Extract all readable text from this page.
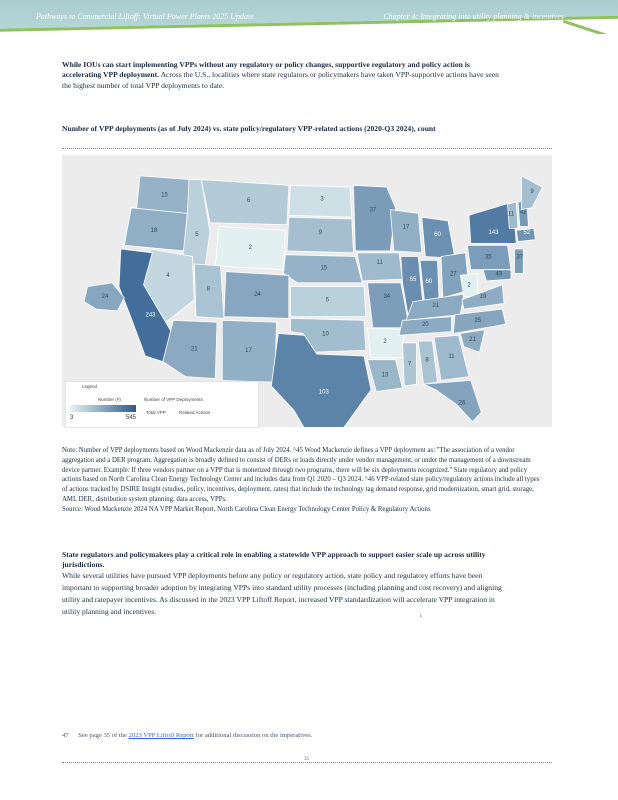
Pathways to Commercial Liftoff: Virtual Power Plants 2025 Update	Chapter 4: Integrating into utility planning & incentives
While IOUs can start implementing VPPs without any regulatory or policy changes, supportive regulatory and policy action is accelerating VPP deployment. Across the U.S., localities where state regulators or policymakers have taken VPP-supportive actions have seen the highest number of total VPP deployments to date.
Number of VPP deployments (as of July 2024) vs. state policy/regulatory VPP-related actions (2020-Q3 2024), count
15
18
5
6
2
3
9
15
37
17
60
11
4
8
24
5
34
65 60
27
35
143
243
21	17
10
103
2
13
7
8
11
26
20
21
2
19
25
21
43
37
11 42
52
9
24
Legend
Number (#)	Number of VPP Deployments
3	545
Total VPP	Related Actions
Note: Number of VPP deployments based on Wood Mackenzie data as of July 2024. ^45 Wood Mackenzie defines a VPP deployment as: "The association of a vendor aggregation and a DER program. Aggregation is broadly defined to consist of DERs or loads directly under vendor management, or under the management of a downstream device partner. Example: If three vendors partner on a VPP that is monetized through two programs, there will be six deployments recognized." State regulatory and policy actions based on North Carolina Clean Energy Technology Center and includes data from Q1 2020 – Q3 2024. ^46 VPP-related state policy/regulatory actions include all types of actions tracked by DSIRE Insight (studies, policy, incentives, deployment, rates) that include the technology tag demand response, grid modernization, smart grid, storage, AMI, DER, distribution system planning, data access, VPPs.
Source: Wood Mackenzie 2024 NA VPP Market Report, North Carolina Clean Energy Technology Center Policy & Regulatory Actions
State regulators and policymakers play a critical role in enabling a statewide VPP approach to support easier scale up across utility jurisdictions.
While several utilities have pursued VPP deployments before any policy or regulatory action, state policy and regulatory efforts have been important to supporting broader adoption by integrating VPPs into standard utility processes (including planning and cost recovery) and aligning utility and ratepayer incentives. As discussed in the 2023 VPP Liftoff Report, increased VPP standardization will accelerate VPP integration in utility planning and incentives.
c
47 See page 35 of the 2023 VPP Liftoff Report for additional discussion on the imperatives.
35
